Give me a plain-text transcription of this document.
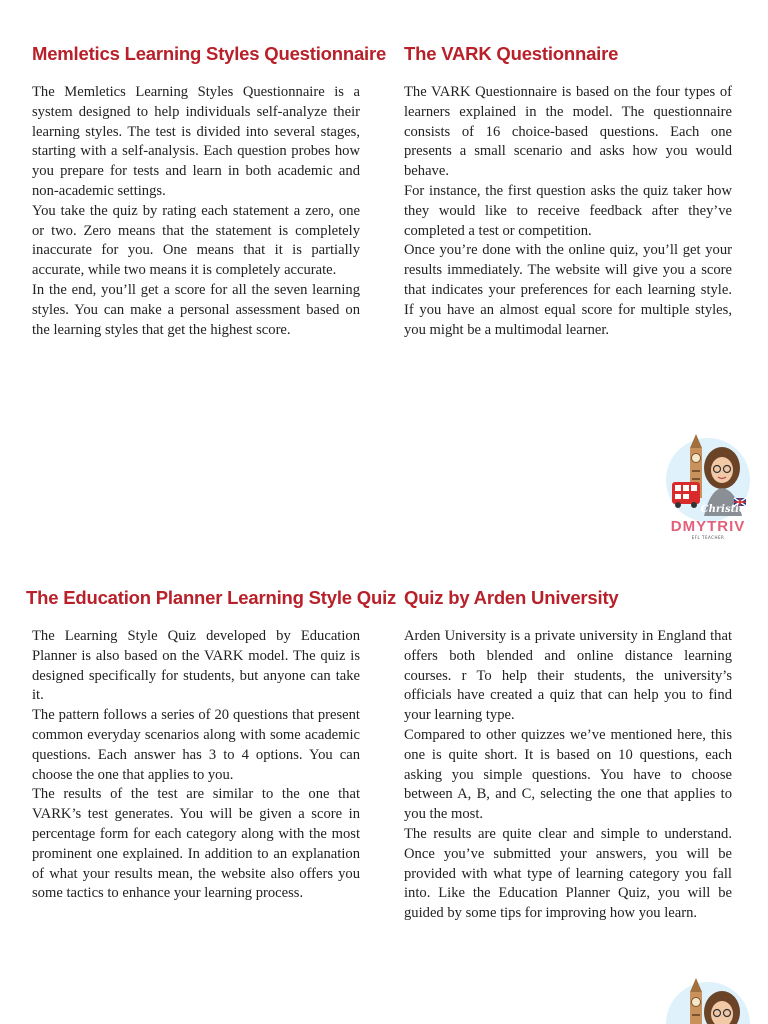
Memletics Learning Styles Questionnaire

The Memletics Learning Styles Questionnaire is a system designed to help individuals self-analyze their learning styles. The test is divided into several stages, starting with a self-analysis. Each question probes how you prepare for tests and learn in both academic and non-academic settings.

You take the quiz by rating each statement a zero, one or two. Zero means that the statement is completely inaccurate for you. One means that it is partially accurate, while two means it is completely accurate.

In the end, you’ll get a score for all the seven learning styles. You can make a personal assessment based on the learning styles that get the highest score.

The VARK Questionnaire

The VARK Questionnaire is based on the four types of learners explained in the model. The questionnaire consists of 16 choice-based questions. Each one presents a small scenario and asks how you would behave.

For instance, the first question asks the quiz taker how they would like to receive feedback after they’ve completed a test or competition.

Once you’re done with the online quiz, you’ll get your results immediately. The website will give you a score that indicates your preferences for each learning style. If you have an almost equal score for multiple styles, you might be a multimodal learner.

Christie
DMYTRIV
EFL TEACHER
The Education Planner Learning Style Quiz

The Learning Style Quiz developed by Education Planner is also based on the VARK model. The quiz is designed specifically for students, but anyone can take it.

The pattern follows a series of 20 questions that present common everyday scenarios along with some academic questions. Each answer has 3 to 4 options. You can choose the one that applies to you.

The results of the test are similar to the one that VARK’s test generates. You will be given a score in percentage form for each category along with the most prominent one explained. In addition to an explanation of what your results mean, the website also offers you some tactics to enhance your learning process.

Quiz by Arden University

Arden University is a private university in England that offers both blended and online distance learning courses. r To help their students, the university’s officials have created a quiz that can help you to find your learning type.

Compared to other quizzes we’ve mentioned here, this one is quite short. It is based on 10 questions, each asking you simple questions. You have to choose between A, B, and C, selecting the one that applies to you the most.

The results are quite clear and simple to understand. Once you’ve submitted your answers, you will be provided with what type of learning category you fall into. Like the Education Planner Quiz, you will be guided by some tips for improving how you learn.
